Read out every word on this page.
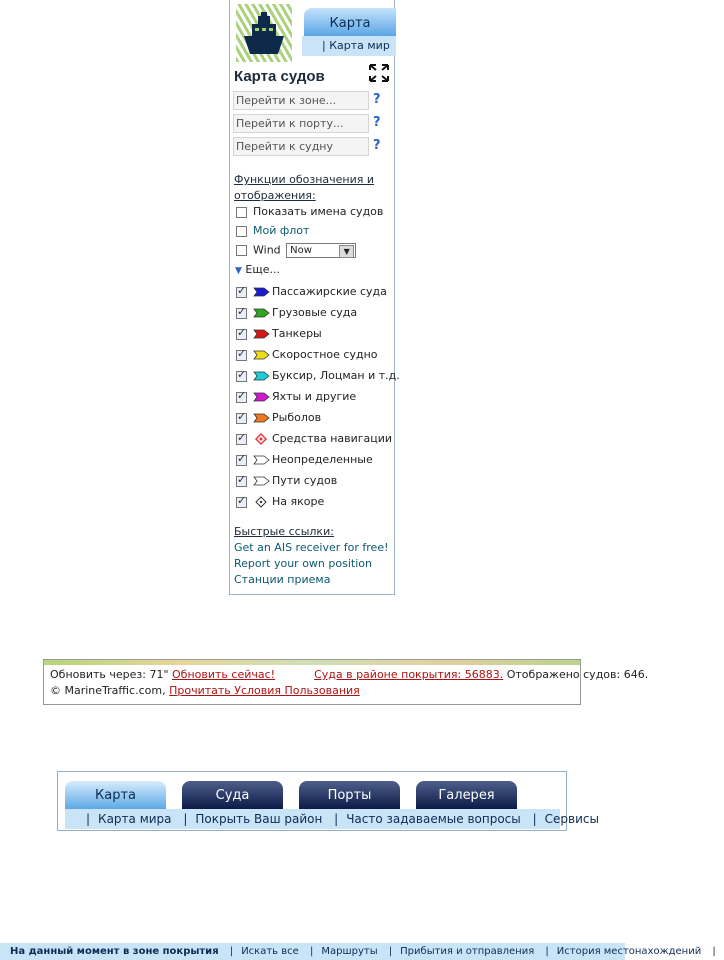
Карта
| Карта мир
Карта судов
Перейти к зоне...	?
Перейти к порту...	?
Перейти к судну	?
Функции обозначения и
отображения:
Показать имена судов
Мой флот
Wind Now	▼
▼ Еще...
✓Пассажирские суда
✓Грузовые суда
✓Танкеры
✓Скоростное судно
✓Буксир, Лоцман и т.д.
✓Яхты и другие
✓Рыболов
✓Средства навигации
✓Неопределенные
✓Пути судов
✓На якоре
Быстрые ссылки:
Get an AIS receiver for free!
Report your own position
Станции приема
Обновить через: 71" Обновить сейчас!	Суда в районе покрытия: 56883. Отображено судов: 646.
© MarineTraffic.com, Прочитать Условия Пользования
Карта	Суда	Порты	Галерея
| Карта мира | Покрыть Ваш район | Часто задаваемые вопросы | Сервисы
На данный момент в зоне покрытия | Искать все | Маршруты | Прибытия и отправления | История местонахождений |
